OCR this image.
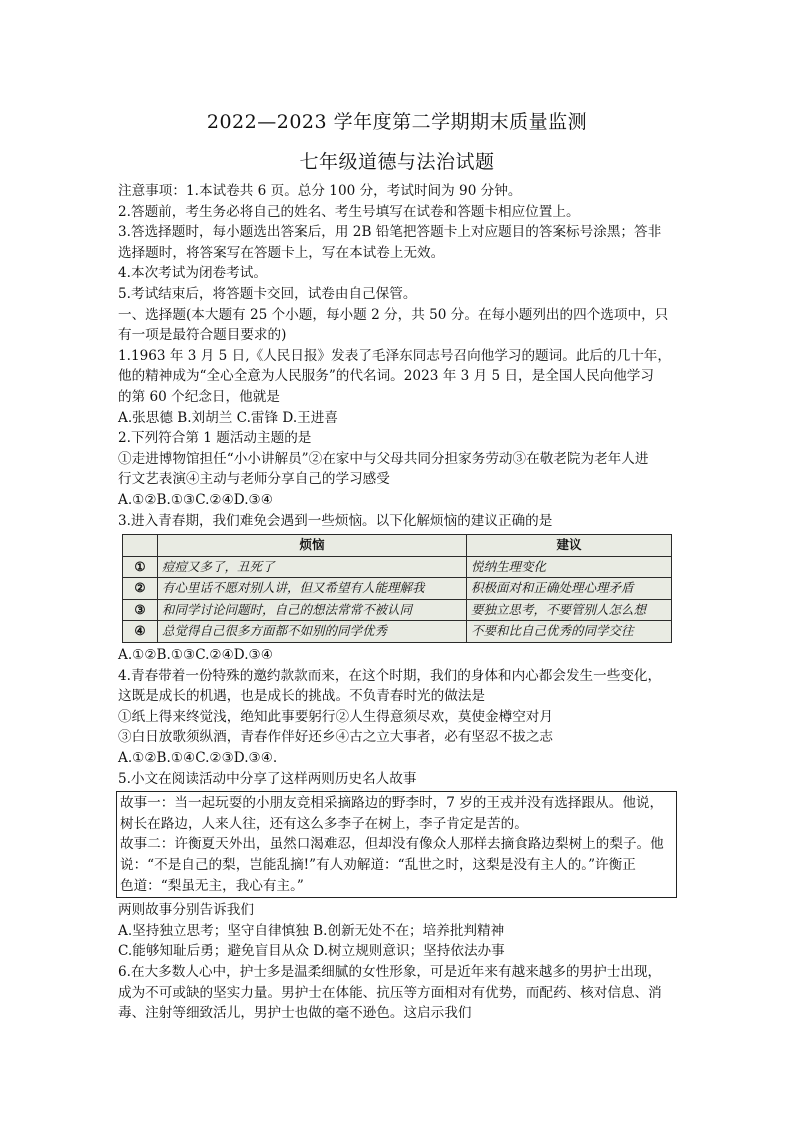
2022—2023 学年度第二学期期末质量监测
七年级道德与法治试题

注意事项：1.本试卷共 6 页。总分 100 分，考试时间为 90 分钟。

2.答题前，考生务必将自己的姓名、考生号填写在试卷和答题卡相应位置上。

3.答选择题时，每小题选出答案后，用 2B 铅笔把答题卡上对应题目的答案标号涂黑；答非

选择题时，将答案写在答题卡上，写在本试卷上无效。

4.本次考试为闭卷考试。

5.考试结束后，将答题卡交回，试卷由自己保管。

一、选择题(本大题有 25 个小题，每小题 2 分，共 50 分。在每小题列出的四个选项中，只

有一项是最符合题目要求的)

1.1963 年 3 月 5 日,《人民日报》发表了毛泽东同志号召向他学习的题词。此后的几十年，

他的精神成为“全心全意为人民服务”的代名词。2023 年 3 月 5 日，是全国人民向他学习

的第 60 个纪念日，他就是

A.张思德 B.刘胡兰 C.雷锋 D.王进喜

2.下列符合第 1 题活动主题的是

①走进博物馆担任“小小讲解员”②在家中与父母共同分担家务劳动③在敬老院为老年人进

行文艺表演④主动与老师分享自己的学习感受

A.①②B.①③C.②④D.③④

3.进入青春期，我们难免会遇到一些烦恼。以下化解烦恼的建议正确的是

	烦恼	建议
①	痘痘又多了，丑死了	悦纳生理变化
②	有心里话不愿对别人讲，但又希望有人能理解我	积极面对和正确处理心理矛盾
③	和同学讨论问题时，自己的想法常常不被认同	要独立思考，不要管别人怎么想
④	总觉得自己很多方面都不如别的同学优秀	不要和比自己优秀的同学交往

A.①②B.①③C.②④D.③④

4.青春带着一份特殊的邀约款款而来，在这个时期，我们的身体和内心都会发生一些变化，

这既是成长的机遇，也是成长的挑战。不负青春时光的做法是

①纸上得来终觉浅，绝知此事要躬行②人生得意须尽欢，莫使金樽空对月

③白日放歌须纵酒，青春作伴好还乡④古之立大事者，必有坚忍不拔之志

A.①②B.①④C.②③D.③④.

5.小文在阅读活动中分享了这样两则历史名人故事

故事一：当一起玩耍的小朋友竞相采摘路边的野李时，7 岁的王戎并没有选择跟从。他说，

树长在路边，人来人往，还有这么多李子在树上，李子肯定是苦的。

故事二：许衡夏天外出，虽然口渴难忍，但却没有像众人那样去摘食路边梨树上的梨子。他

说：“不是自己的梨，岂能乱摘!”有人劝解道：“乱世之时，这梨是没有主人的。”许衡正

色道：“梨虽无主，我心有主。”

两则故事分别告诉我们

A.坚持独立思考；坚守自律慎独 B.创新无处不在；培养批判精神

C.能够知耻后勇；避免盲目从众 D.树立规则意识；坚持依法办事

6.在大多数人心中，护士多是温柔细腻的女性形象，可是近年来有越来越多的男护士出现，

成为不可或缺的坚实力量。男护士在体能、抗压等方面相对有优势，而配药、核对信息、消

毒、注射等细致活儿，男护士也做的毫不逊色。这启示我们
